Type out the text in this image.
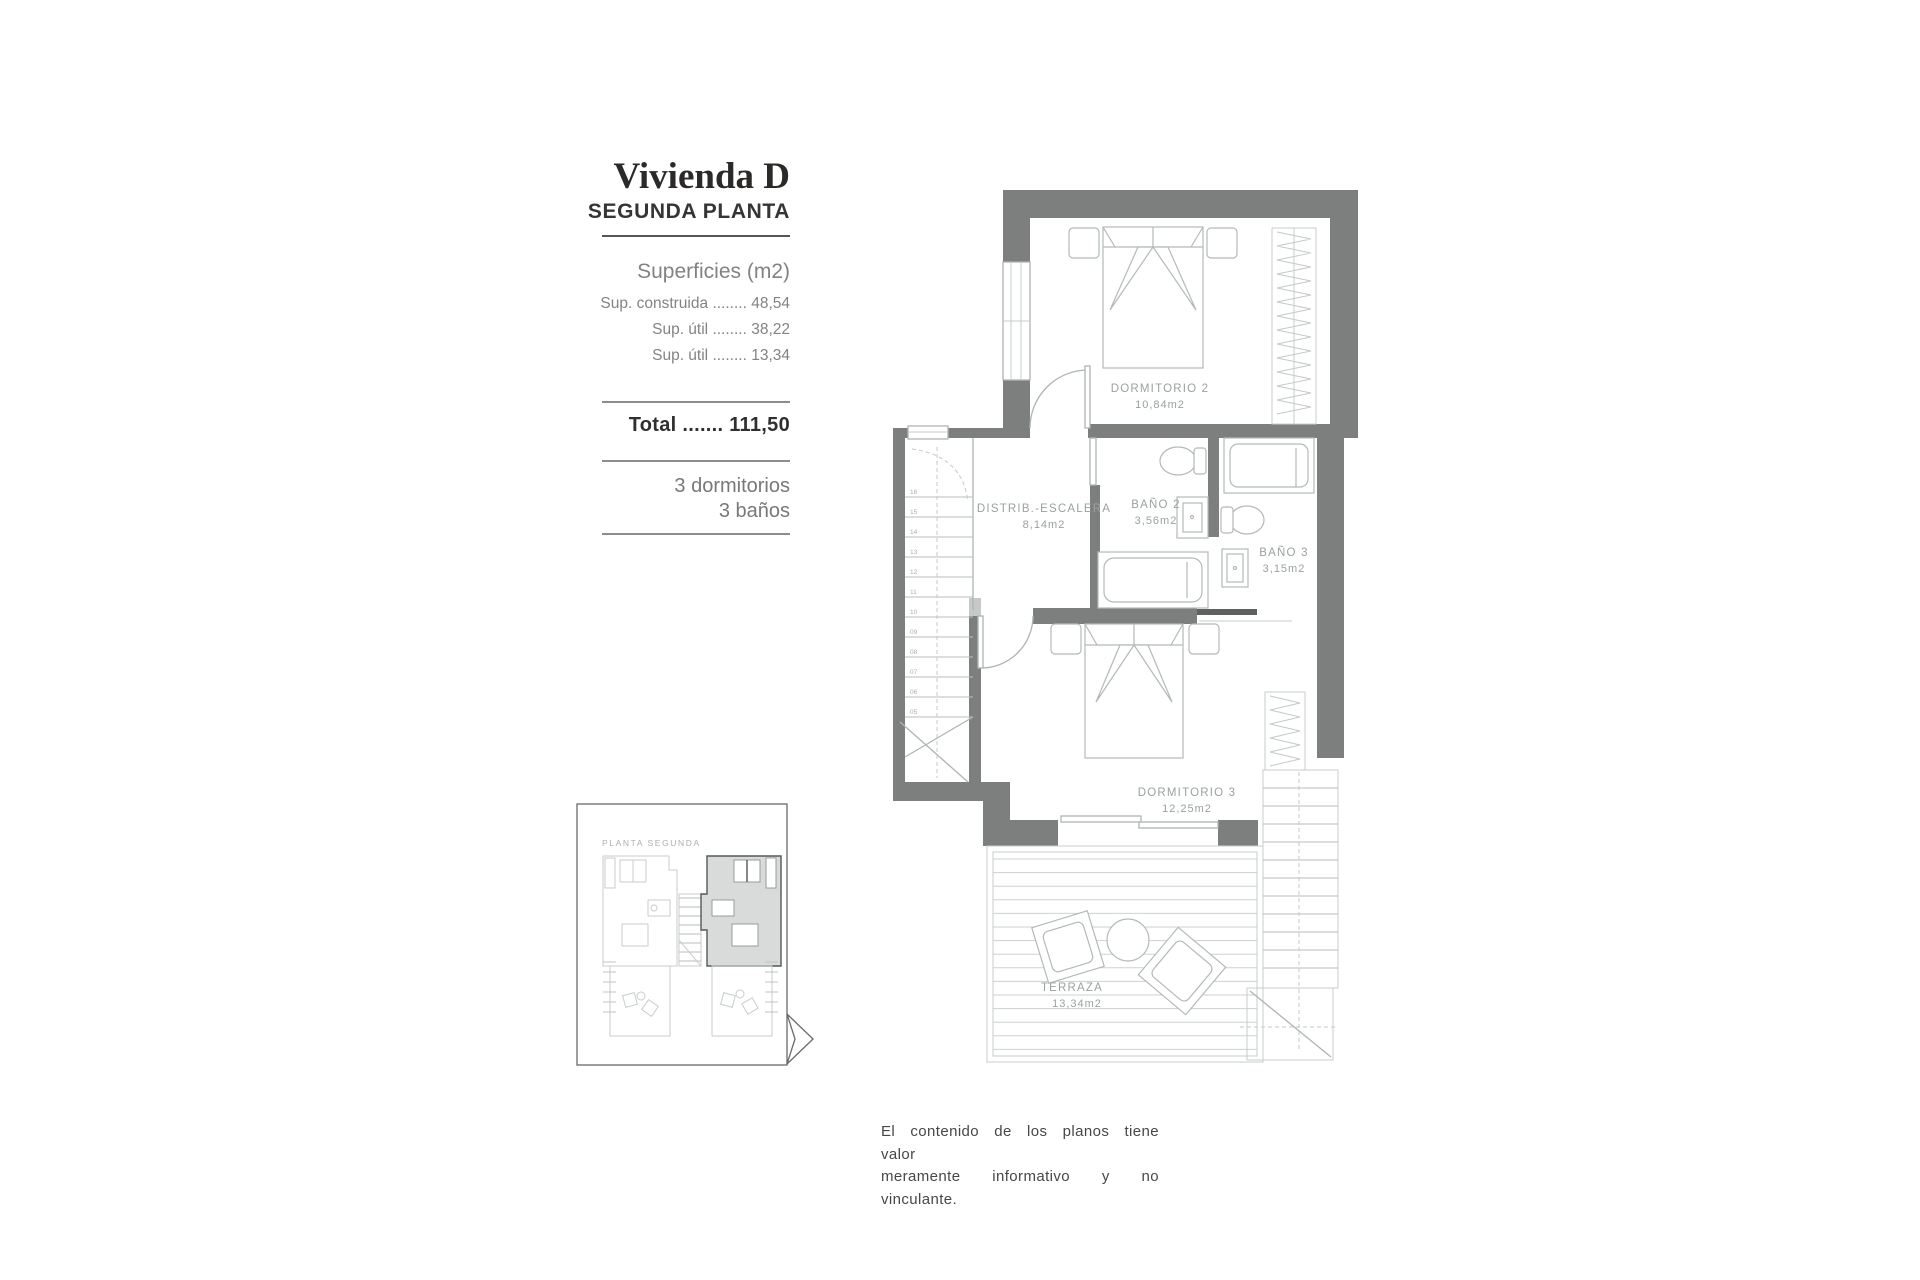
Vivienda D
SEGUNDA PLANTA
Superficies (m2)
Sup. construida ........ 48,54
Sup. útil ........ 38,22
Sup. útil ........ 13,34
Total ....... 111,50
3 dormitorios
3 baños
16
15
14
13
12
11
10
09
08
07
06
05
DORMITORIO 2
10,84m2
DISTRIB.-ESCALERA
8,14m2
BAÑO 2
3,56m2
BAÑO 3
3,15m2
DORMITORIO 3
12,25m2
TERRAZA
13,34m2
PLANTA SEGUNDA
El contenido de los planos tiene valor
meramente informativo y no vinculante.
